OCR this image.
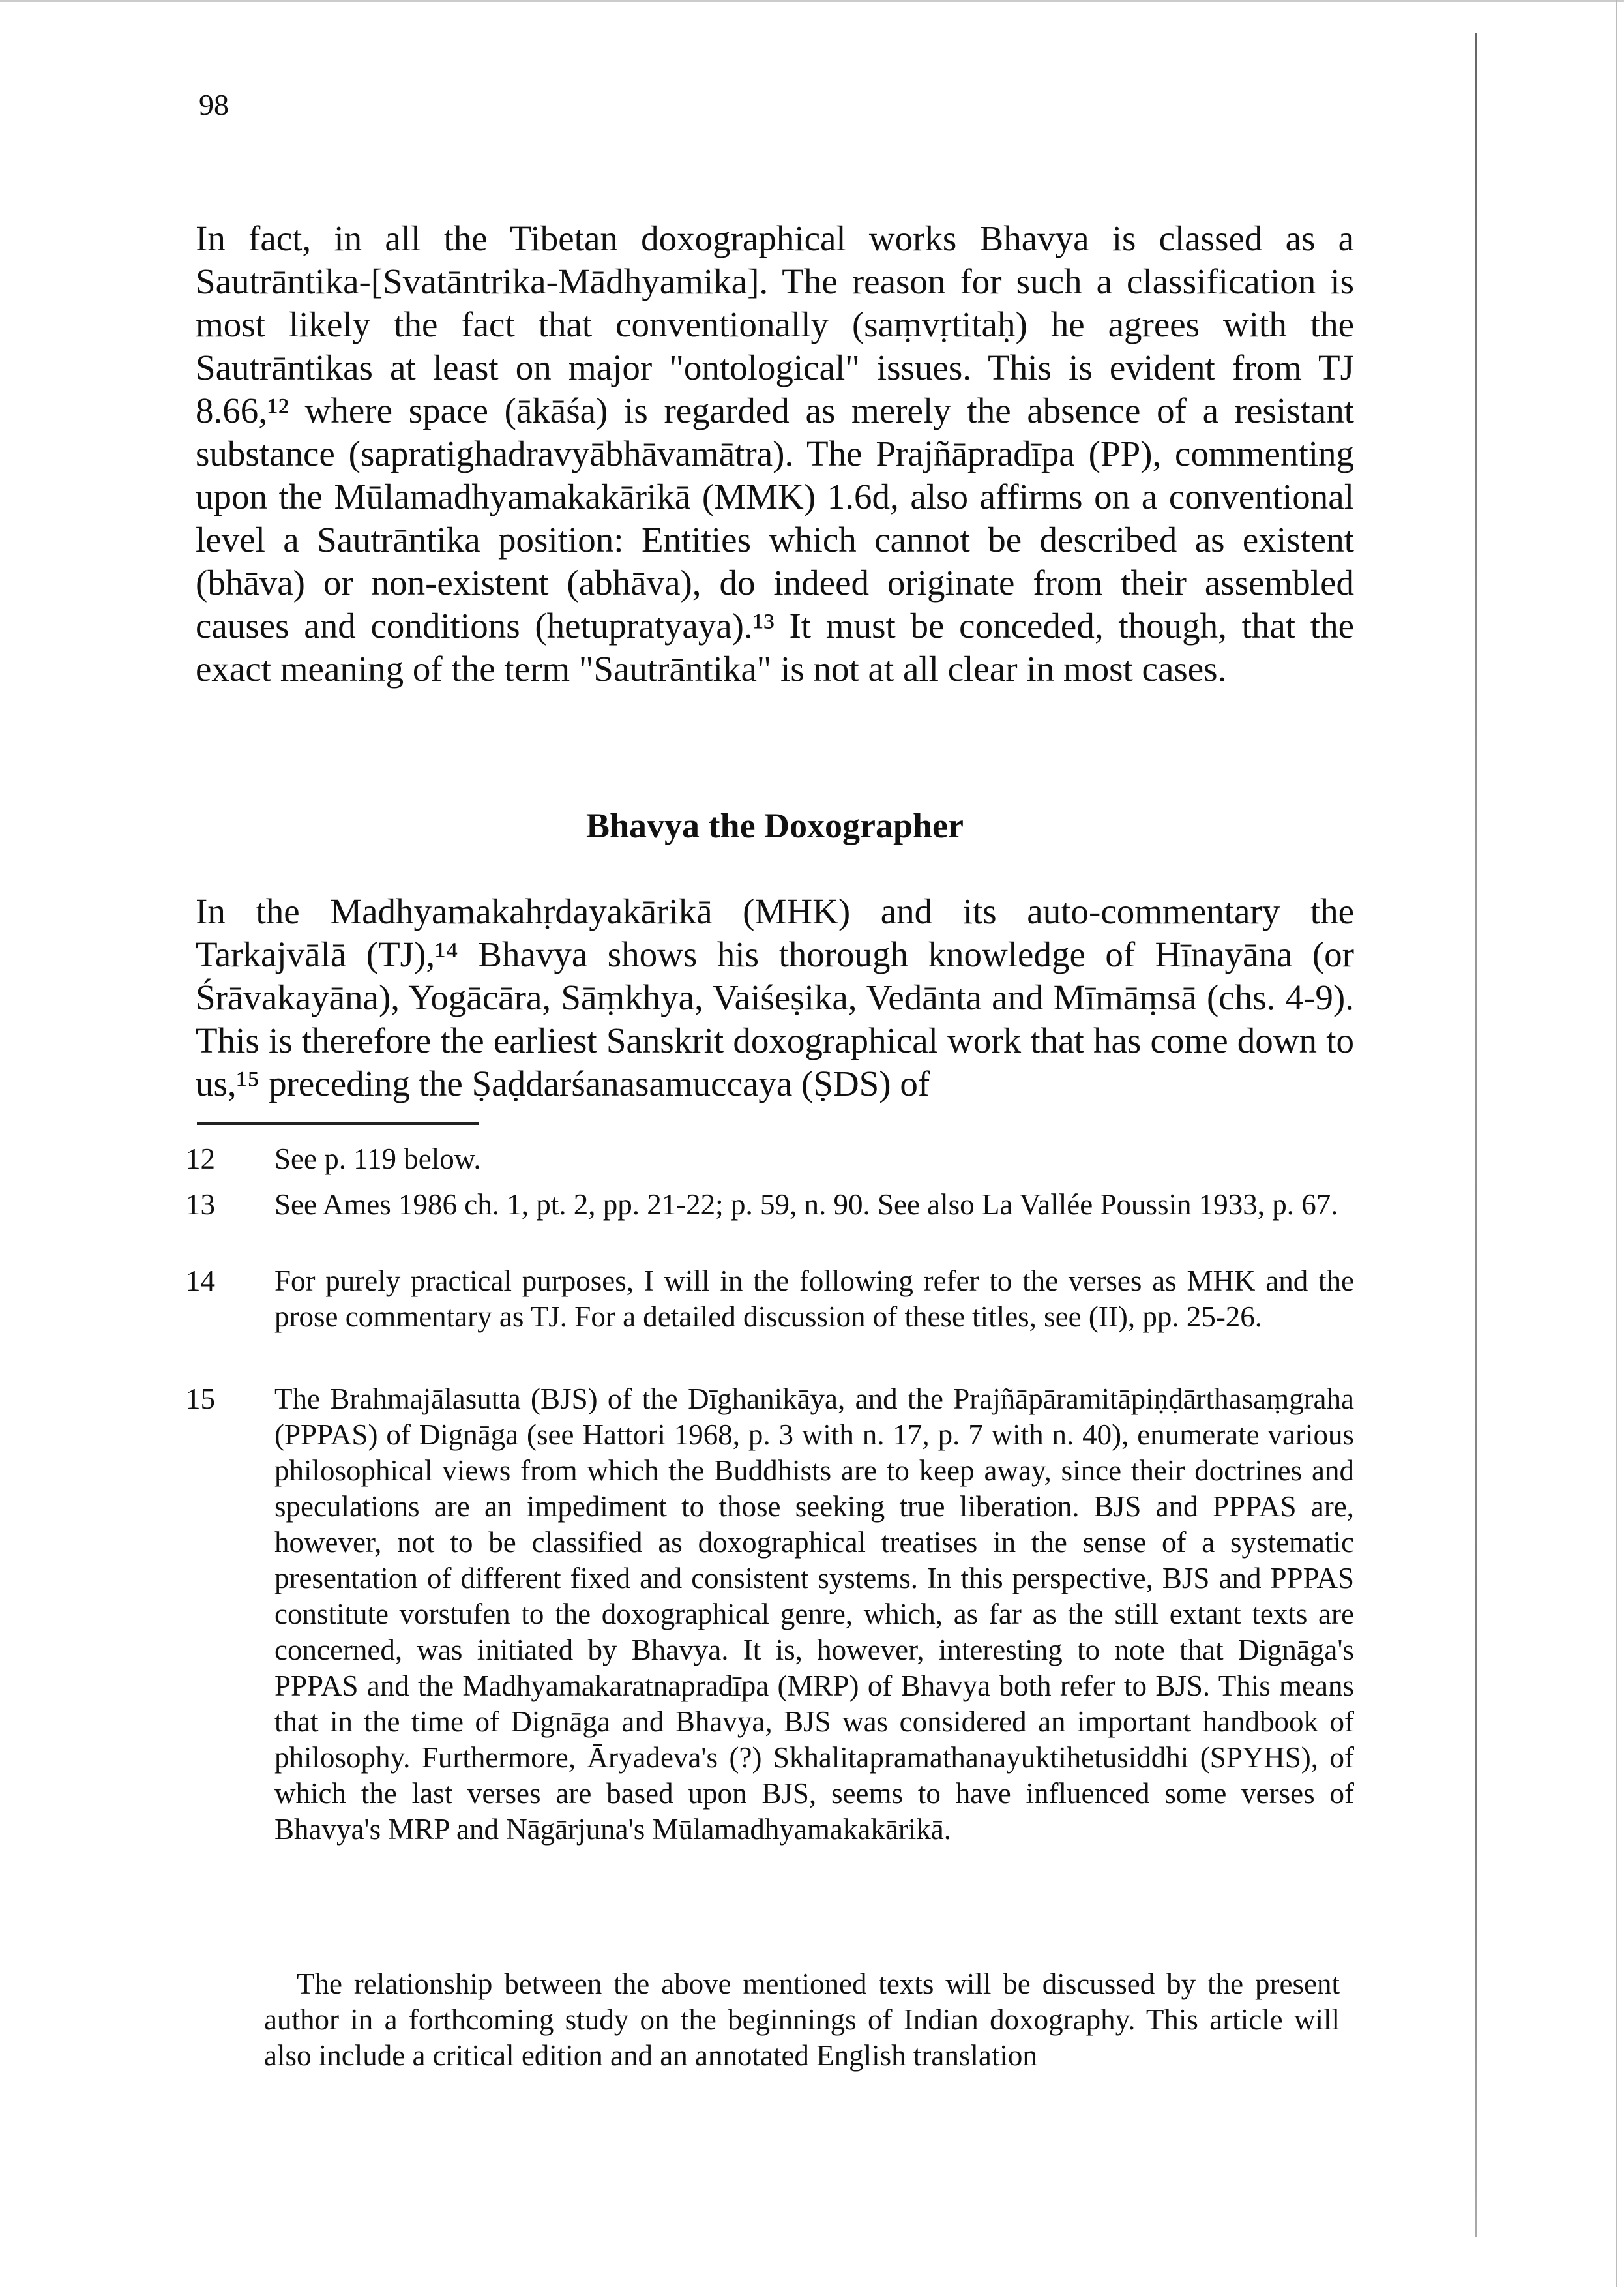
98

In fact, in all the Tibetan doxographical works Bhavya is classed as a Sautrāntika-[Svatāntrika-Mādhyamika]. The reason for such a classification is most likely the fact that conventionally (saṃvṛtitaḥ) he agrees with the Sautrāntikas at least on major "ontological" issues. This is evident from TJ 8.66,¹² where space (ākāśa) is regarded as merely the absence of a resistant substance (sapratighadravyābhāvamātra). The Prajñāpradīpa (PP), commenting upon the Mūlamadhyamakakārikā (MMK) 1.6d, also affirms on a conventional level a Sautrāntika position: Entities which cannot be described as existent (bhāva) or non-existent (abhāva), do indeed originate from their assembled causes and conditions (hetupratyaya).¹³ It must be conceded, though, that the exact meaning of the term "Sautrāntika" is not at all clear in most cases.

Bhavya the Doxographer

In the Madhyamakahṛdayakārikā (MHK) and its auto-commentary the Tarkajvālā (TJ),¹⁴ Bhavya shows his thorough knowledge of Hīnayāna (or Śrāvakayāna), Yogācāra, Sāṃkhya, Vaiśeṣika, Vedānta and Mīmāṃsā (chs. 4-9). This is therefore the earliest Sanskrit doxographical work that has come down to us,¹⁵ preceding the Ṣaḍdarśanasamuccaya (ṢDS) of

12	See p. 119 below.
13	See Ames 1986 ch. 1, pt. 2, pp. 21-22; p. 59, n. 90. See also La Vallée Poussin 1933, p. 67.
14	For purely practical purposes, I will in the following refer to the verses as MHK and the prose commentary as TJ. For a detailed discussion of these titles, see (II), pp. 25-26.
15	The Brahmajālasutta (BJS) of the Dīghanikāya, and the Prajñāpāramitāpiṇḍārthasaṃgraha (PPPAS) of Dignāga (see Hattori 1968, p. 3 with n. 17, p. 7 with n. 40), enumerate various philosophical views from which the Buddhists are to keep away, since their doctrines and speculations are an impediment to those seeking true liberation. BJS and PPPAS are, however, not to be classified as doxographical treatises in the sense of a systematic presentation of different fixed and consistent systems. In this perspective, BJS and PPPAS constitute vorstufen to the doxographical genre, which, as far as the still extant texts are concerned, was initiated by Bhavya. It is, however, interesting to note that Dignāga's PPPAS and the Madhyamakaratnapradīpa (MRP) of Bhavya both refer to BJS. This means that in the time of Dignāga and Bhavya, BJS was considered an important handbook of philosophy. Furthermore, Āryadeva's (?) Skhalitapramathanayuktihetusiddhi (SPYHS), of which the last verses are based upon BJS, seems to have influenced some verses of Bhavya's MRP and Nāgārjuna's Mūlamadhyamakakārikā.

The relationship between the above mentioned texts will be discussed by the present author in a forthcoming study on the beginnings of Indian doxography. This article will also include a critical edition and an annotated English translation
